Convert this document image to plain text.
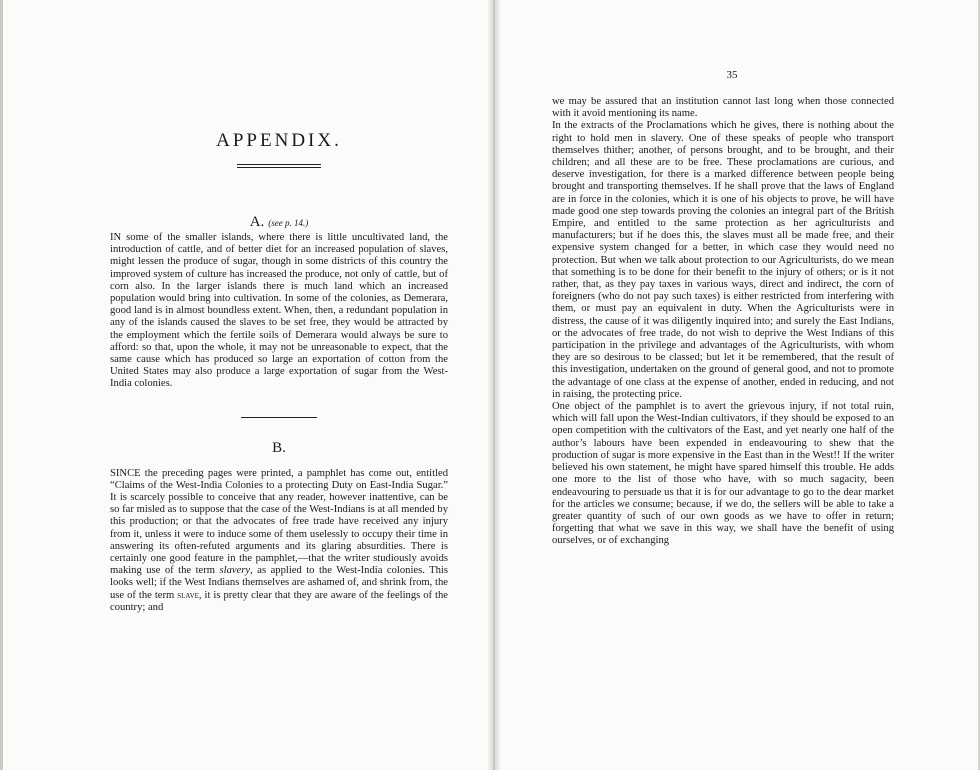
APPENDIX.
A. (see p. 14.)
IN some of the smaller islands, where there is little uncultivated land, the introduction of cattle, and of better diet for an increased population of slaves, might lessen the produce of sugar, though in some districts of this country the improved system of culture has increased the produce, not only of cattle, but of corn also. In the larger islands there is much land which an increased population would bring into cultivation. In some of the colonies, as Demerara, good land is in almost boundless extent. When, then, a redundant population in any of the islands caused the slaves to be set free, they would be attracted by the employment which the fertile soils of Demerara would always be sure to afford: so that, upon the whole, it may not be unreasonable to expect, that the same cause which has produced so large an exportation of cotton from the United States may also produce a large exportation of sugar from the West-India colonies.
B.
SINCE the preceding pages were printed, a pamphlet has come out, entitled “Claims of the West-India Colonies to a protecting Duty on East-India Sugar.” It is scarcely possible to conceive that any reader, however inattentive, can be so far misled as to suppose that the case of the West-Indians is at all mended by this production; or that the advocates of free trade have received any injury from it, unless it were to induce some of them uselessly to occupy their time in answering its often-refuted arguments and its glaring absurdities. There is certainly one good feature in the pamphlet,—that the writer studiously avoids making use of the term slavery, as applied to the West-India colonies. This looks well; if the West Indians themselves are ashamed of, and shrink from, the use of the term slave, it is pretty clear that they are aware of the feelings of the country; and
35
we may be assured that an institution cannot last long when those connected with it avoid mentioning its name.
In the extracts of the Proclamations which he gives, there is nothing about the right to hold men in slavery. One of these speaks of people who transport themselves thither; another, of persons brought, and to be brought, and their children; and all these are to be free. These proclamations are curious, and deserve investigation, for there is a marked difference between people being brought and transporting themselves. If he shall prove that the laws of England are in force in the colonies, which it is one of his objects to prove, he will have made good one step towards proving the colonies an integral part of the British Empire, and entitled to the same protection as her agriculturists and manufacturers; but if he does this, the slaves must all be made free, and their expensive system changed for a better, in which case they would need no protection. But when we talk about protection to our Agriculturists, do we mean that something is to be done for their benefit to the injury of others; or is it not rather, that, as they pay taxes in various ways, direct and indirect, the corn of foreigners (who do not pay such taxes) is either restricted from interfering with them, or must pay an equivalent in duty. When the Agriculturists were in distress, the cause of it was diligently inquired into; and surely the East Indians, or the advocates of free trade, do not wish to deprive the West Indians of this participation in the privilege and advantages of the Agriculturists, with whom they are so desirous to be classed; but let it be remembered, that the result of this investigation, undertaken on the ground of general good, and not to promote the advantage of one class at the expense of another, ended in reducing, and not in raising, the protecting price.
One object of the pamphlet is to avert the grievous injury, if not total ruin, which will fall upon the West-Indian cultivators, if they should be exposed to an open competition with the cultivators of the East, and yet nearly one half of the author’s labours have been expended in endeavouring to shew that the production of sugar is more expensive in the East than in the West!! If the writer believed his own statement, he might have spared himself this trouble. He adds one more to the list of those who have, with so much sagacity, been endeavouring to persuade us that it is for our advantage to go to the dear market for the articles we consume; because, if we do, the sellers will be able to take a greater quantity of such of our own goods as we have to offer in return; forgetting that what we save in this way, we shall have the benefit of using ourselves, or of exchanging
